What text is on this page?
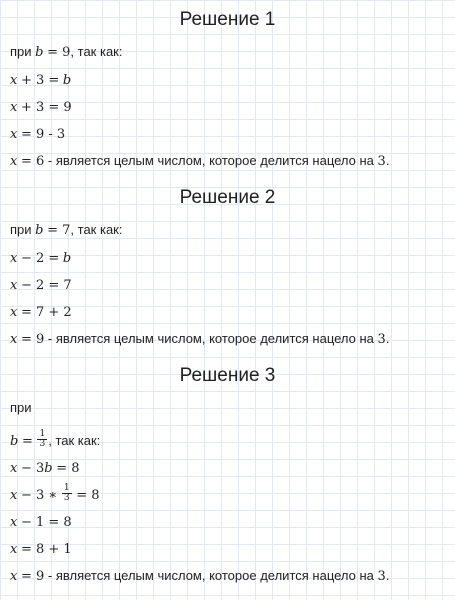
Решение 1
при b = 9, так как:
x + 3 = b
x + 3 = 9
x = 9 - 3
x = 6 - является целым числом, которое делится нацело на 3.
Решение 2
при b = 7, так как:
x − 2 = b
x − 2 = 7
x = 7 + 2
x = 9 - является целым числом, которое делится нацело на 3.
Решение 3
при
$b = \frac{1}{3}$ , так как:
x − 3b = 8
x − 3 ∗ $\frac{1}{3} = 8$
x − 1 = 8
x = 8 + 1
x = 9 - является целым числом, которое делится нацело на 3.
